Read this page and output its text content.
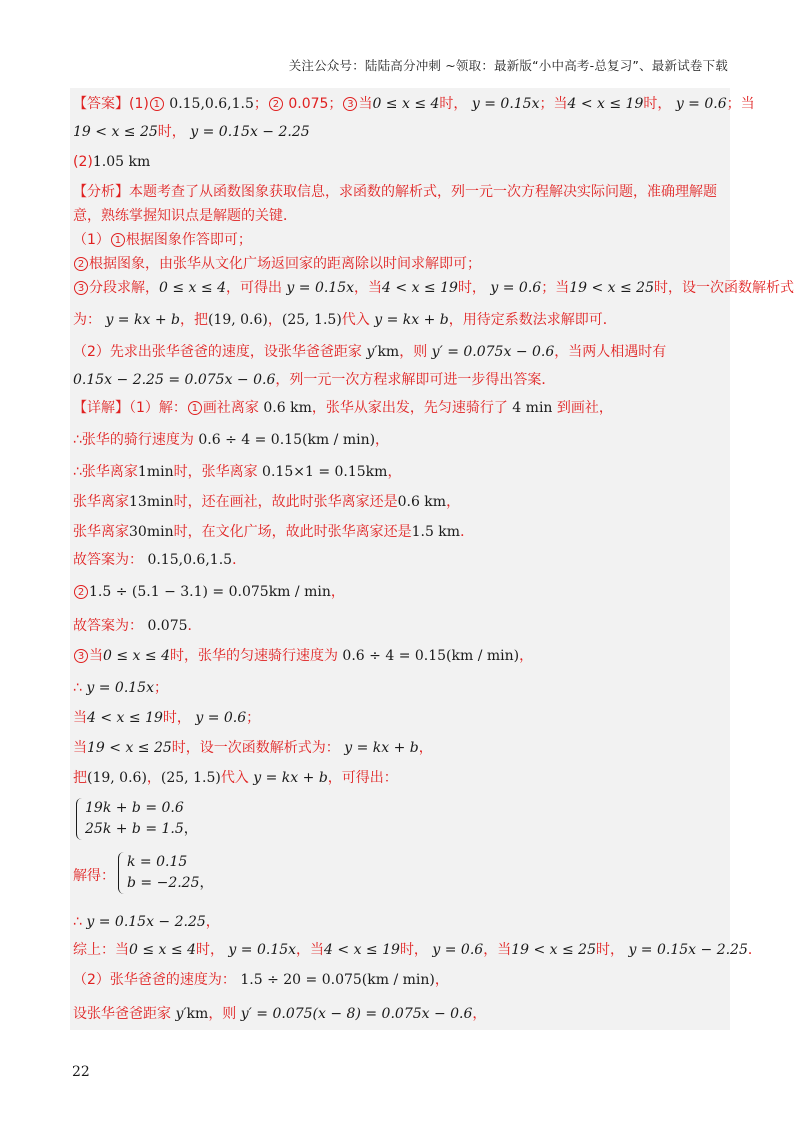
关注公众号：陆陆高分冲刺 ~领取：最新版“小中高考-总复习”、最新试卷下载
【答案】(1) 1 0.15,0.6,1.5； 2 0.075； 3 当0 ≤ x ≤ 4时， y = 0.15x；当4 < x ≤ 19时， y = 0.6；当
19 < x ≤ 25时， y = 0.15x − 2.25
(2)1.05 km
【分析】本题考查了从函数图象获取信息，求函数的解析式，列一元一次方程解决实际问题，准确理解题
意，熟练掌握知识点是解题的关键．
（1） 1 根据图象作答即可；
2 根据图象，由张华从文化广场返回家的距离除以时间求解即可；
3 分段求解，0 ≤ x ≤ 4，可得出 y = 0.15x，当4 < x ≤ 19时， y = 0.6；当19 < x ≤ 25时，设一次函数解析式
为： y = kx + b，把(19, 0.6)，(25, 1.5)代入 y = kx + b，用待定系数法求解即可．
（2）先求出张华爸爸的速度，设张华爸爸距家 y′km，则 y′ = 0.075x − 0.6，当两人相遇时有
0.15x − 2.25 = 0.075x − 0.6，列一元一次方程求解即可进一步得出答案．
【详解】（1）解： 1 画社离家 0.6 km，张华从家出发，先匀速骑行了 4 min 到画社，
∴张华的骑行速度为 0.6 ÷ 4 = 0.15(km / min)，
∴张华离家1min时，张华离家 0.15×1 = 0.15km，
张华离家13min时，还在画社，故此时张华离家还是0.6 km，
张华离家30min时，在文化广场，故此时张华离家还是1.5 km．
故答案为： 0.15,0.6,1.5．
2 1.5 ÷ (5.1 − 3.1) = 0.075km / min，
故答案为： 0.075．
3 当0 ≤ x ≤ 4时，张华的匀速骑行速度为 0.6 ÷ 4 = 0.15(km / min)，
∴ y = 0.15x；
当4 < x ≤ 19时， y = 0.6；
当19 < x ≤ 25时，设一次函数解析式为： y = kx + b，
把(19, 0.6)，(25, 1.5)代入 y = kx + b，可得出：
解得：
∴ y = 0.15x − 2.25，
综上：当0 ≤ x ≤ 4时， y = 0.15x，当4 < x ≤ 19时， y = 0.6，当19 < x ≤ 25时， y = 0.15x − 2.25．
（2）张华爸爸的速度为： 1.5 ÷ 20 = 0.075(km / min)，
设张华爸爸距家 y′km，则 y′ = 0.075(x − 8) = 0.075x − 0.6，
19k + b = 0.6
25k + b = 1.5，
k = 0.15
b = −2.25，
22
